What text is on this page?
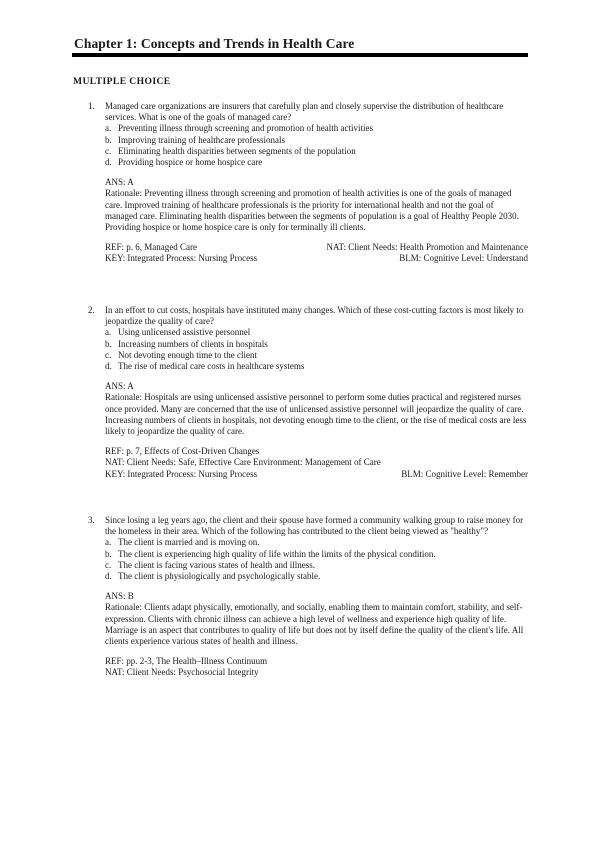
Chapter 1: Concepts and Trends in Health Care
MULTIPLE CHOICE
1. Managed care organizations are insurers that carefully plan and closely supervise the distribution of healthcare services. What is one of the goals of managed care?
a. Preventing illness through screening and promotion of health activities
b. Improving training of healthcare professionals
c. Eliminating health disparities between segments of the population
d. Providing hospice or home hospice care
ANS: A
Rationale: Preventing illness through screening and promotion of health activities is one of the goals of managed care. Improved training of healthcare professionals is the priority for international health and not the goal of managed care. Eliminating health disparities between the segments of population is a goal of Healthy People 2030. Providing hospice or home hospice care is only for terminally ill clients.
REF: p. 6, Managed Care	NAT: Client Needs: Health Promotion and Maintenance
KEY: Integrated Process: Nursing Process	BLM: Cognitive Level: Understand
2. In an effort to cut costs, hospitals have instituted many changes. Which of these cost-cutting factors is most likely to jeopardize the quality of care?
a. Using unlicensed assistive personnel
b. Increasing numbers of clients in hospitals
c. Not devoting enough time to the client
d. The rise of medical care costs in healthcare systems
ANS: A
Rationale: Hospitals are using unlicensed assistive personnel to perform some duties practical and registered nurses once provided. Many are concerned that the use of unlicensed assistive personnel will jeopardize the quality of care. Increasing numbers of clients in hospitals, not devoting enough time to the client, or the rise of medical costs are less likely to jeopardize the quality of care.
REF: p. 7, Effects of Cost-Driven Changes
NAT: Client Needs: Safe, Effective Care Environment: Management of Care
KEY: Integrated Process: Nursing Process	BLM: Cognitive Level: Remember
3. Since losing a leg years ago, the client and their spouse have formed a community walking group to raise money for the homeless in their area. Which of the following has contributed to the client being viewed as "healthy"?
a. The client is married and is moving on.
b. The client is experiencing high quality of life within the limits of the physical condition.
c. The client is facing various states of health and illness.
d. The client is physiologically and psychologically stable.
ANS: B
Rationale: Clients adapt physically, emotionally, and socially, enabling them to maintain comfort, stability, and self-expression. Clients with chronic illness can achieve a high level of wellness and experience high quality of life. Marriage is an aspect that contributes to quality of life but does not by itself define the quality of the client's life. All clients experience various states of health and illness.
REF: pp. 2-3, The Health–Illness Continuum
NAT: Client Needs: Psychosocial Integrity
